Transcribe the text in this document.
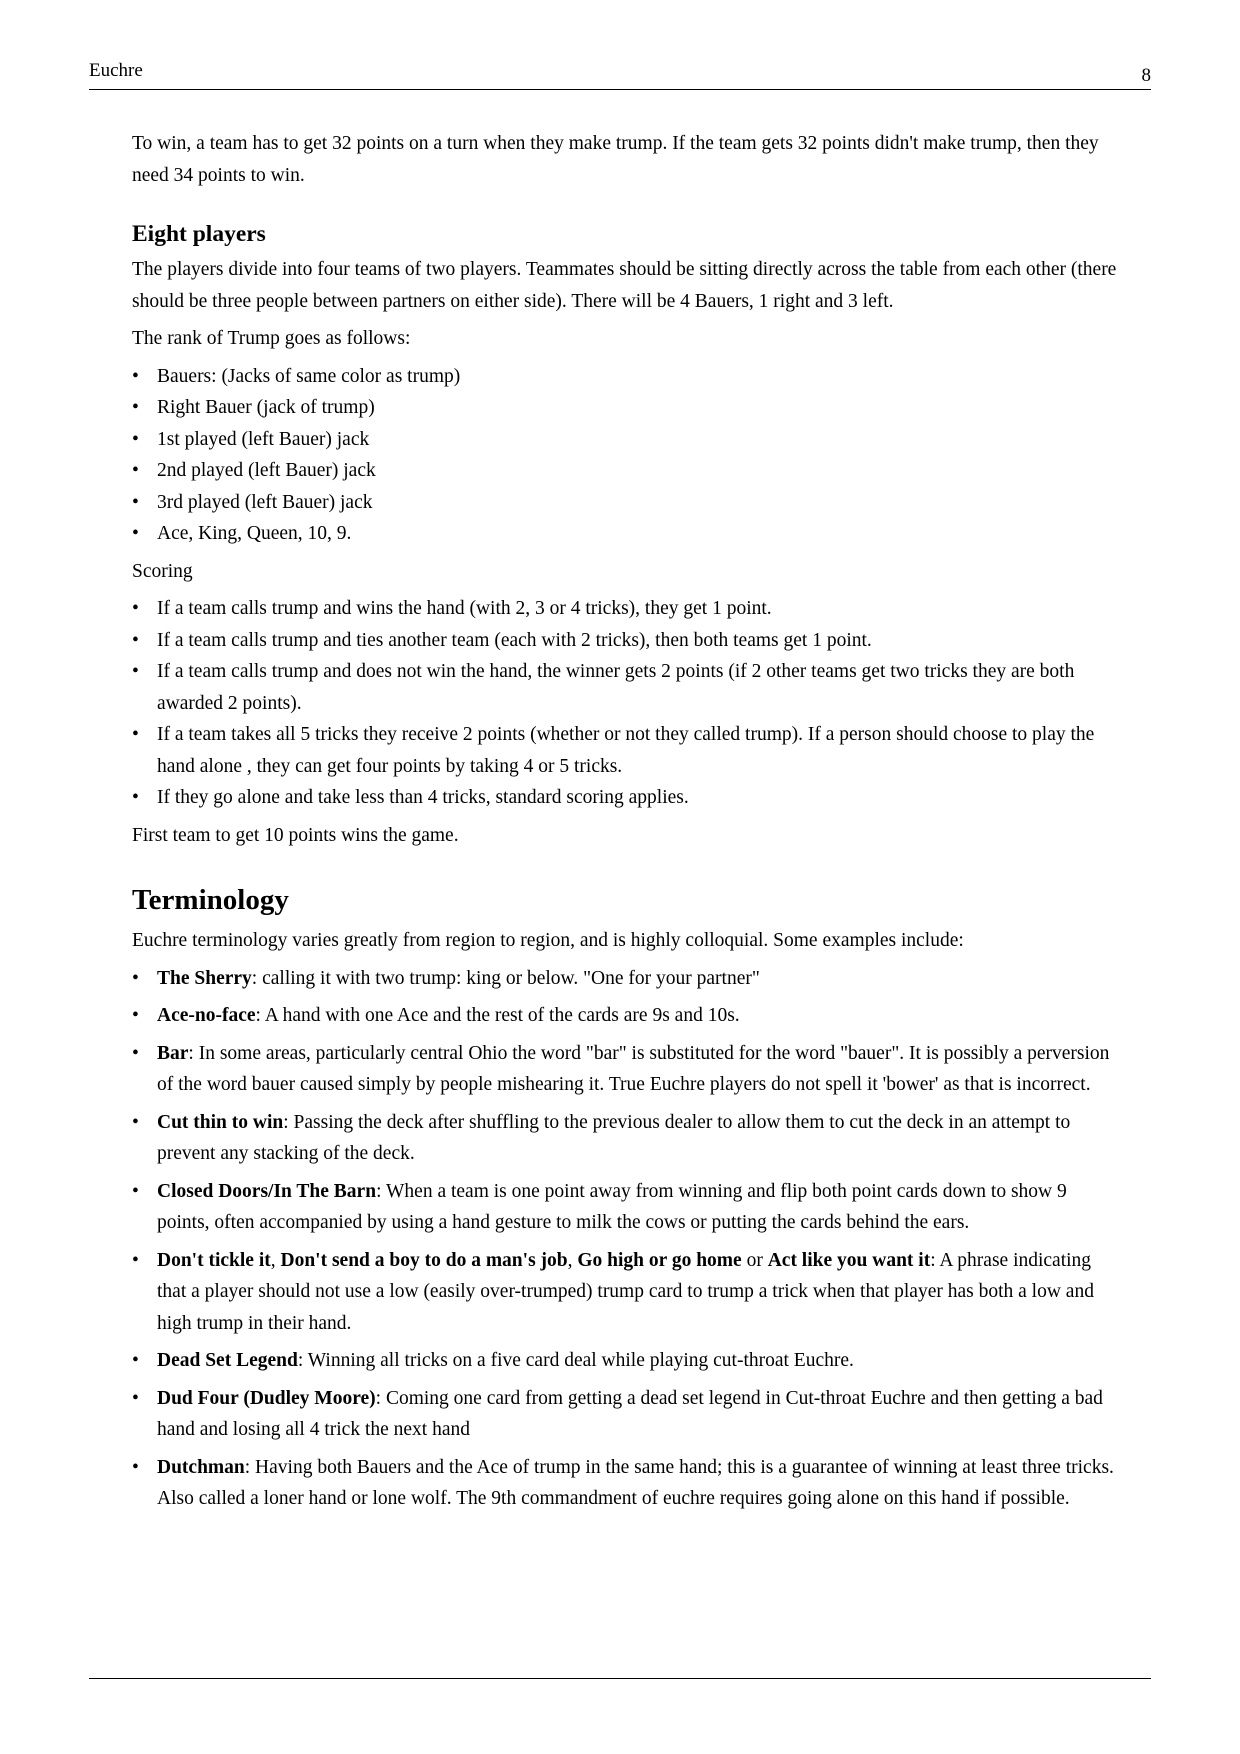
Euchre	8

To win, a team has to get 32 points on a turn when they make trump. If the team gets 32 points didn't make trump, then they need 34 points to win.

Eight players

The players divide into four teams of two players. Teammates should be sitting directly across the table from each other (there should be three people between partners on either side). There will be 4 Bauers, 1 right and 3 left.

The rank of Trump goes as follows:

• Bauers: (Jacks of same color as trump)
• Right Bauer (jack of trump)
• 1st played (left Bauer) jack
• 2nd played (left Bauer) jack
• 3rd played (left Bauer) jack
• Ace, King, Queen, 10, 9.

Scoring

• If a team calls trump and wins the hand (with 2, 3 or 4 tricks), they get 1 point.
• If a team calls trump and ties another team (each with 2 tricks), then both teams get 1 point.
• If a team calls trump and does not win the hand, the winner gets 2 points (if 2 other teams get two tricks they are both awarded 2 points).
• If a team takes all 5 tricks they receive 2 points (whether or not they called trump). If a person should choose to play the hand alone , they can get four points by taking 4 or 5 tricks.
• If they go alone and take less than 4 tricks, standard scoring applies.

First team to get 10 points wins the game.

Terminology

Euchre terminology varies greatly from region to region, and is highly colloquial. Some examples include:

• The Sherry: calling it with two trump: king or below. "One for your partner"
• Ace-no-face: A hand with one Ace and the rest of the cards are 9s and 10s.
• Bar: In some areas, particularly central Ohio the word "bar" is substituted for the word "bauer". It is possibly a perversion of the word bauer caused simply by people mishearing it. True Euchre players do not spell it 'bower' as that is incorrect.
• Cut thin to win: Passing the deck after shuffling to the previous dealer to allow them to cut the deck in an attempt to prevent any stacking of the deck.
• Closed Doors/In The Barn: When a team is one point away from winning and flip both point cards down to show 9 points, often accompanied by using a hand gesture to milk the cows or putting the cards behind the ears.
• Don't tickle it, Don't send a boy to do a man's job, Go high or go home or Act like you want it: A phrase indicating that a player should not use a low (easily over-trumped) trump card to trump a trick when that player has both a low and high trump in their hand.
• Dead Set Legend: Winning all tricks on a five card deal while playing cut-throat Euchre.
• Dud Four (Dudley Moore): Coming one card from getting a dead set legend in Cut-throat Euchre and then getting a bad hand and losing all 4 trick the next hand
• Dutchman: Having both Bauers and the Ace of trump in the same hand; this is a guarantee of winning at least three tricks. Also called a loner hand or lone wolf. The 9th commandment of euchre requires going alone on this hand if possible.
